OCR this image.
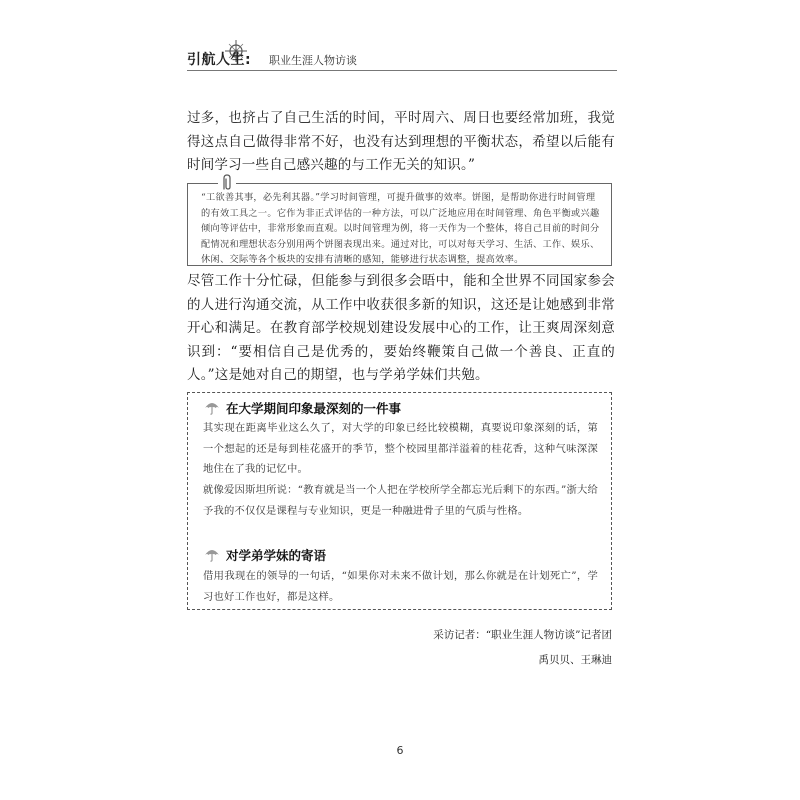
引航人生: 职业生涯人物访谈
过多，也挤占了自己生活的时间，平时周六、周日也要经常加班，我觉得这点自己做得非常不好，也没有达到理想的平衡状态，希望以后能有时间学习一些自己感兴趣的与工作无关的知识。”
“工欲善其事，必先利其器。”学习时间管理，可提升做事的效率。饼图，是帮助你进行时间管理的有效工具之一。它作为非正式评估的一种方法，可以广泛地应用在时间管理、角色平衡或兴趣倾向等评估中，非常形象而直观。以时间管理为例，将一天作为一个整体，将自己目前的时间分配情况和理想状态分别用两个饼图表现出来。通过对比，可以对每天学习、生活、工作、娱乐、休闲、交际等各个板块的安排有清晰的感知，能够进行状态调整，提高效率。
尽管工作十分忙碌，但能参与到很多会晤中，能和全世界不同国家参会的人进行沟通交流，从工作中收获很多新的知识，这还是让她感到非常开心和满足。在教育部学校规划建设发展中心的工作，让王爽周深刻意识到：“要相信自己是优秀的，要始终鞭策自己做一个善良、正直的人。”这是她对自己的期望，也与学弟学妹们共勉。
在大学期间印象最深刻的一件事
其实现在距离毕业这么久了，对大学的印象已经比较模糊，真要说印象深刻的话，第一个想起的还是每到桂花盛开的季节，整个校园里都洋溢着的桂花香，这种气味深深地住在了我的记忆中。
就像爱因斯坦所说：“教育就是当一个人把在学校所学全都忘光后剩下的东西。”浙大给予我的不仅仅是课程与专业知识，更是一种融进骨子里的气质与性格。
对学弟学妹的寄语
借用我现在的领导的一句话，“如果你对未来不做计划，那么你就是在计划死亡”，学习也好工作也好，都是这样。
采访记者：“职业生涯人物访谈”记者团
禹贝贝、王琳迪
6
